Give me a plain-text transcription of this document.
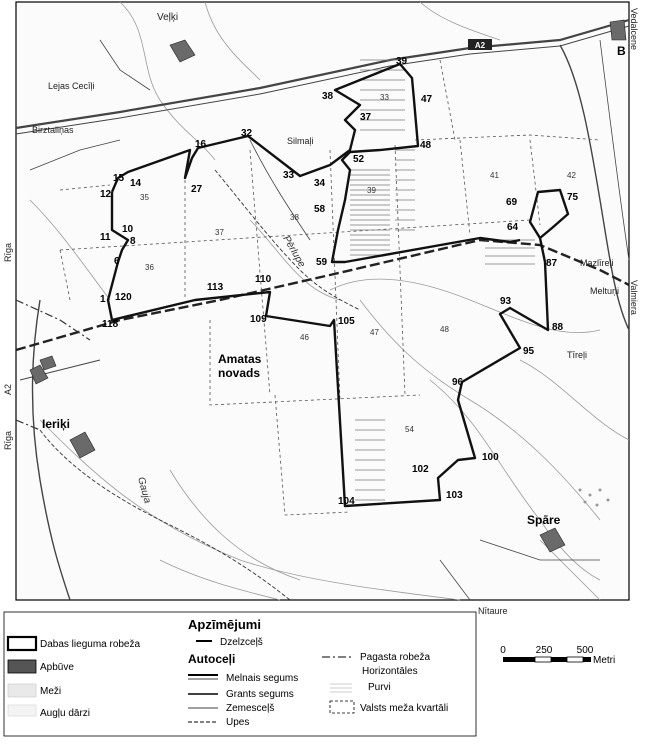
A2
33
35
36
37
38
39
41	42
46
47	48
54
12
15 14
11
10
8
6
1 120
118
113
110
109	105
104
103
102
100
96
95
93
88
87
64
69	75
59
58
52
48
47
39
38
37
34
33
32
27
16
Veļķi
Lejas Cecīļi
Birztaliņas
Silmaļi
Rīga
Rīga
A2
Ieriķi
Amatas
novads
Mazlīreļi
Meltuņi Valmiera
Vedalcene
Tīreļi
Spāre
Nītaure
B
Pērlupe
Gauja
Apzīmējumi
Dabas lieguma robeža
Apbūve
Meži
Augļu dārzi
Dzelzceļš
Autoceļi
Melnais segums
Grants segums
Zemesceļš
Upes
Pagasta robeža
Horizontāles
Purvi
Valsts meža kvartāli
0	250 500
Metri
